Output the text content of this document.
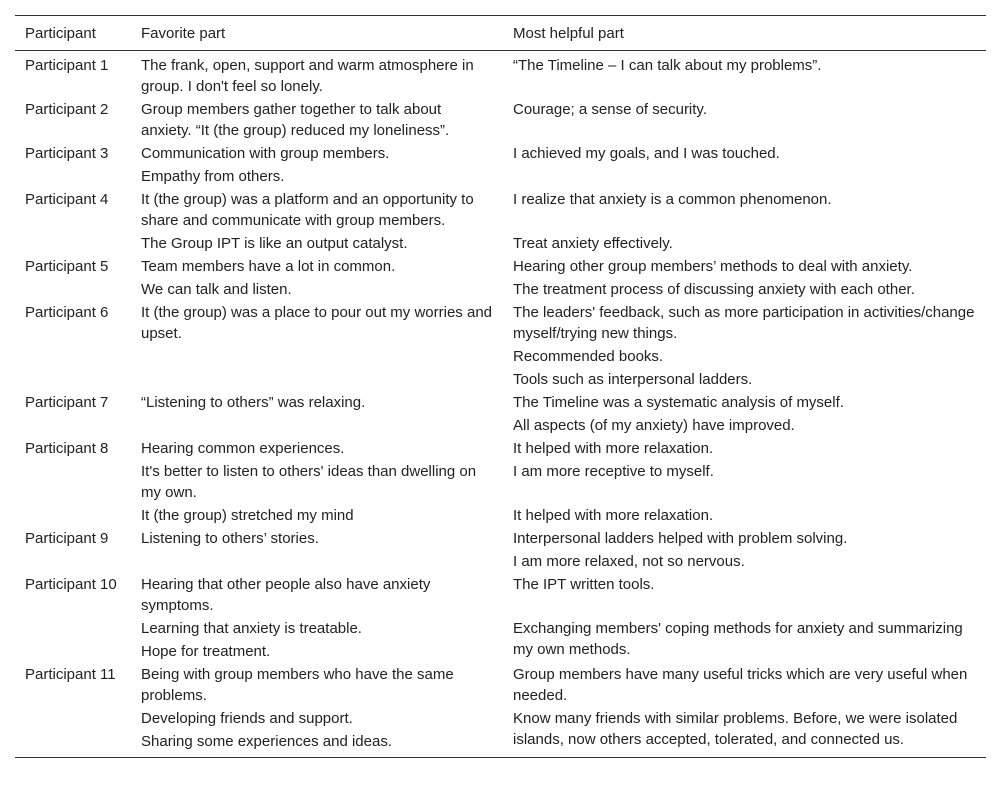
Participant	Favorite part	Most helpful part
Participant 1	The frank, open, support and warm atmosphere in group. I don't feel so lonely.	“The Timeline – I can talk about my problems”.
Participant 2	Group members gather together to talk about anxiety. “It (the group) reduced my loneliness”.	Courage; a sense of security.
Participant 3	Communication with group members.	I achieved my goals, and I was touched.
	Empathy from others.	
Participant 4	It (the group) was a platform and an opportunity to share and communicate with group members.	I realize that anxiety is a common phenomenon.
	The Group IPT is like an output catalyst.	Treat anxiety effectively.
Participant 5	Team members have a lot in common.	Hearing other group members’ methods to deal with anxiety.
	We can talk and listen.	The treatment process of discussing anxiety with each other.
Participant 6	It (the group) was a place to pour out my worries and upset.	The leaders' feedback, such as more participation in activities/change myself/trying new things.
		Recommended books.
		Tools such as interpersonal ladders.
Participant 7	“Listening to others” was relaxing.	The Timeline was a systematic analysis of myself.
		All aspects (of my anxiety) have improved.
Participant 8	Hearing common experiences.	It helped with more relaxation.
	It's better to listen to others' ideas than dwelling on my own.	I am more receptive to myself.
	It (the group) stretched my mind	It helped with more relaxation.
Participant 9	Listening to others’ stories.	Interpersonal ladders helped with problem solving.
		I am more relaxed, not so nervous.
Participant 10	Hearing that other people also have anxiety symptoms.	The IPT written tools.
	Learning that anxiety is treatable.	Exchanging members' coping methods for anxiety and summarizing my own methods.
	Hope for treatment.	
Participant 11	Being with group members who have the same problems.	Group members have many useful tricks which are very useful when needed.
	Developing friends and support.	Know many friends with similar problems. Before, we were isolated islands, now others accepted, tolerated, and connected us.
	Sharing some experiences and ideas.	
